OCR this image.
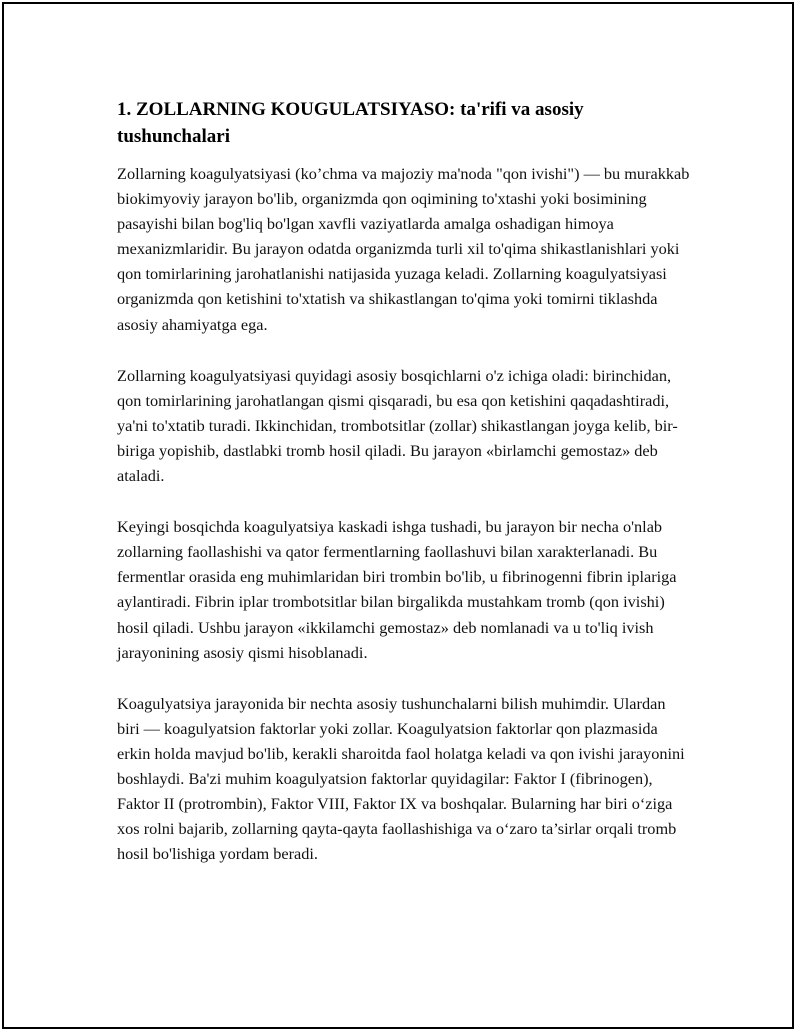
1. ZOLLARNING KOUGULATSIYASO: ta'rifi va asosiy tushunchalari

Zollarning koagulyatsiyasi (ko’chma va majoziy ma'noda "qon ivishi") — bu murakkab biokimyoviy jarayon bo'lib, organizmda qon oqimining to'xtashi yoki bosimining pasayishi bilan bog'liq bo'lgan xavfli vaziyatlarda amalga oshadigan himoya mexanizmlaridir. Bu jarayon odatda organizmda turli xil to'qima shikastlanishlari yoki qon tomirlarining jarohatlanishi natijasida yuzaga keladi. Zollarning koagulyatsiyasi organizmda qon ketishini to'xtatish va shikastlangan to'qima yoki tomirni tiklashda asosiy ahamiyatga ega.

Zollarning koagulyatsiyasi quyidagi asosiy bosqichlarni o'z ichiga oladi: birinchidan, qon tomirlarining jarohatlangan qismi qisqaradi, bu esa qon ketishini qaqadashtiradi, ya'ni to'xtatib turadi. Ikkinchidan, trombotsitlar (zollar) shikastlangan joyga kelib, bir-biriga yopishib, dastlabki tromb hosil qiladi. Bu jarayon «birlamchi gemostaz» deb ataladi.

Keyingi bosqichda koagulyatsiya kaskadi ishga tushadi, bu jarayon bir necha o'nlab zollarning faollashishi va qator fermentlarning faollashuvi bilan xarakterlanadi. Bu fermentlar orasida eng muhimlaridan biri trombin bo'lib, u fibrinogenni fibrin iplariga aylantiradi. Fibrin iplar trombotsitlar bilan birgalikda mustahkam tromb (qon ivishi) hosil qiladi. Ushbu jarayon «ikkilamchi gemostaz» deb nomlanadi va u to'liq ivish jarayonining asosiy qismi hisoblanadi.

Koagulyatsiya jarayonida bir nechta asosiy tushunchalarni bilish muhimdir. Ulardan biri — koagulyatsion faktorlar yoki zollar. Koagulyatsion faktorlar qon plazmasida erkin holda mavjud bo'lib, kerakli sharoitda faol holatga keladi va qon ivishi jarayonini boshlaydi. Ba'zi muhim koagulyatsion faktorlar quyidagilar: Faktor I (fibrinogen), Faktor II (protrombin), Faktor VIII, Faktor IX va boshqalar. Bularning har biri o‘ziga xos rolni bajarib, zollarning qayta-qayta faollashishiga va o‘zaro ta’sirlar orqali tromb hosil bo'lishiga yordam beradi.
